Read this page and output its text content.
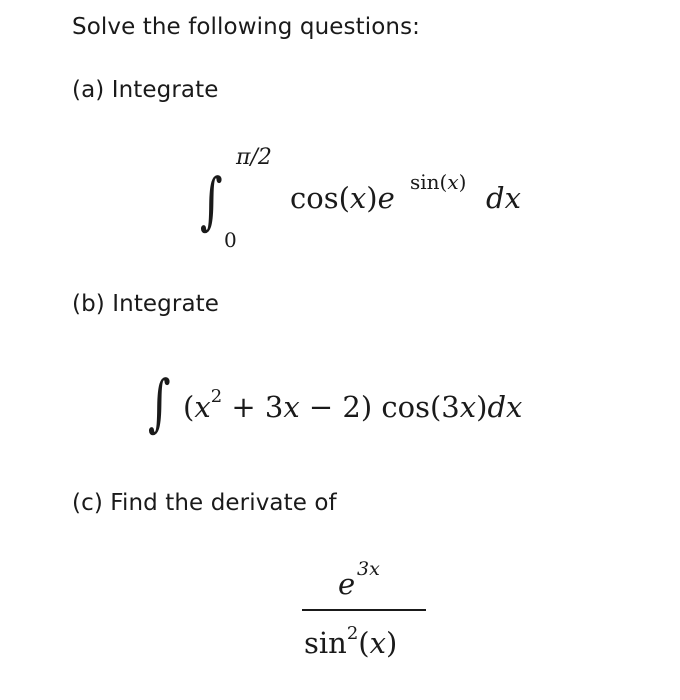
Solve the following questions:
(a) Integrate
∫
π/2
0
cos(x)e sin(𝑥) dx
(b) Integrate
∫ $(x^2 + 3x - 2)$ cos(3x)dx
(c) Find the derivate of
e 3x
$\sin^2(x)$
